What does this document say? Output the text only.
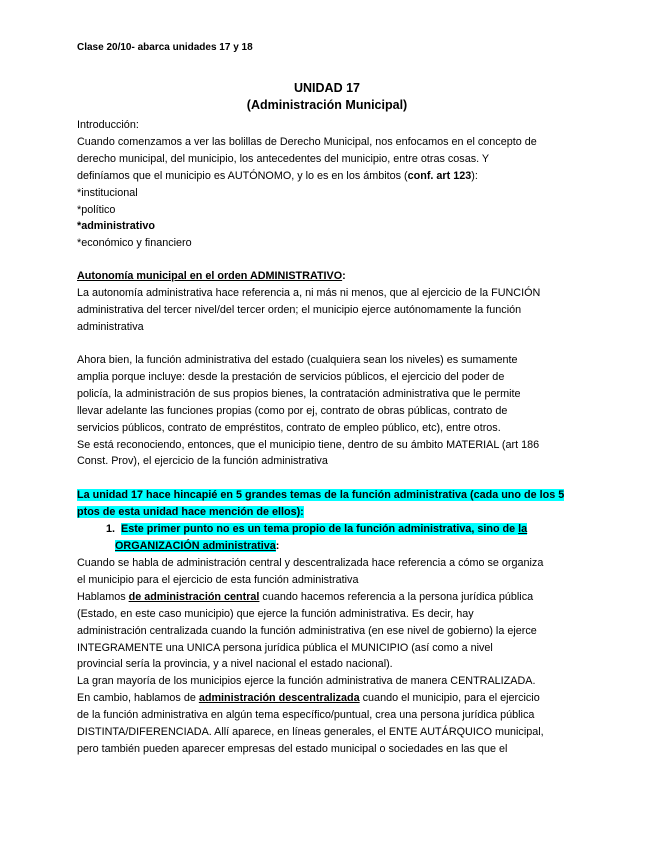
Clase 20/10- abarca unidades 17 y 18
UNIDAD 17
(Administración Municipal)
Introducción:
Cuando comenzamos a ver las bolillas de Derecho Municipal, nos enfocamos en el concepto de
derecho municipal, del municipio, los antecedentes del municipio, entre otras cosas. Y
definíamos que el municipio es AUTÓNOMO, y lo es en los ámbitos (conf. art 123):
*institucional
*político
*administrativo
*económico y financiero
Autonomía municipal en el orden ADMINISTRATIVO:
La autonomía administrativa hace referencia a, ni más ni menos, que al ejercicio de la FUNCIÓN
administrativa del tercer nivel/del tercer orden; el municipio ejerce autónomamente la función
administrativa
Ahora bien, la función administrativa del estado (cualquiera sean los niveles) es sumamente
amplia porque incluye: desde la prestación de servicios públicos, el ejercicio del poder de
policía, la administración de sus propios bienes, la contratación administrativa que le permite
llevar adelante las funciones propias (como por ej, contrato de obras públicas, contrato de
servicios públicos, contrato de empréstitos, contrato de empleo público, etc), entre otros.
Se está reconociendo, entonces, que el municipio tiene, dentro de su ámbito MATERIAL (art 186
Const. Prov), el ejercicio de la función administrativa
La unidad 17 hace hincapié en 5 grandes temas de la función administrativa (cada uno de los 5
ptos de esta unidad hace mención de ellos):
1. Este primer punto no es un tema propio de la función administrativa, sino de la
ORGANIZACIÓN administrativa:
Cuando se habla de administración central y descentralizada hace referencia a cómo se organiza
el municipio para el ejercicio de esta función administrativa
Hablamos de administración central cuando hacemos referencia a la persona jurídica pública
(Estado, en este caso municipio) que ejerce la función administrativa. Es decir, hay
administración centralizada cuando la función administrativa (en ese nivel de gobierno) la ejerce
INTEGRAMENTE una UNICA persona jurídica pública el MUNICIPIO (así como a nivel
provincial sería la provincia, y a nivel nacional el estado nacional).
La gran mayoría de los municipios ejerce la función administrativa de manera CENTRALIZADA.
En cambio, hablamos de administración descentralizada cuando el municipio, para el ejercicio
de la función administrativa en algún tema específico/puntual, crea una persona jurídica pública
DISTINTA/DIFERENCIADA. Allí aparece, en líneas generales, el ENTE AUTÁRQUICO municipal,
pero también pueden aparecer empresas del estado municipal o sociedades en las que el
